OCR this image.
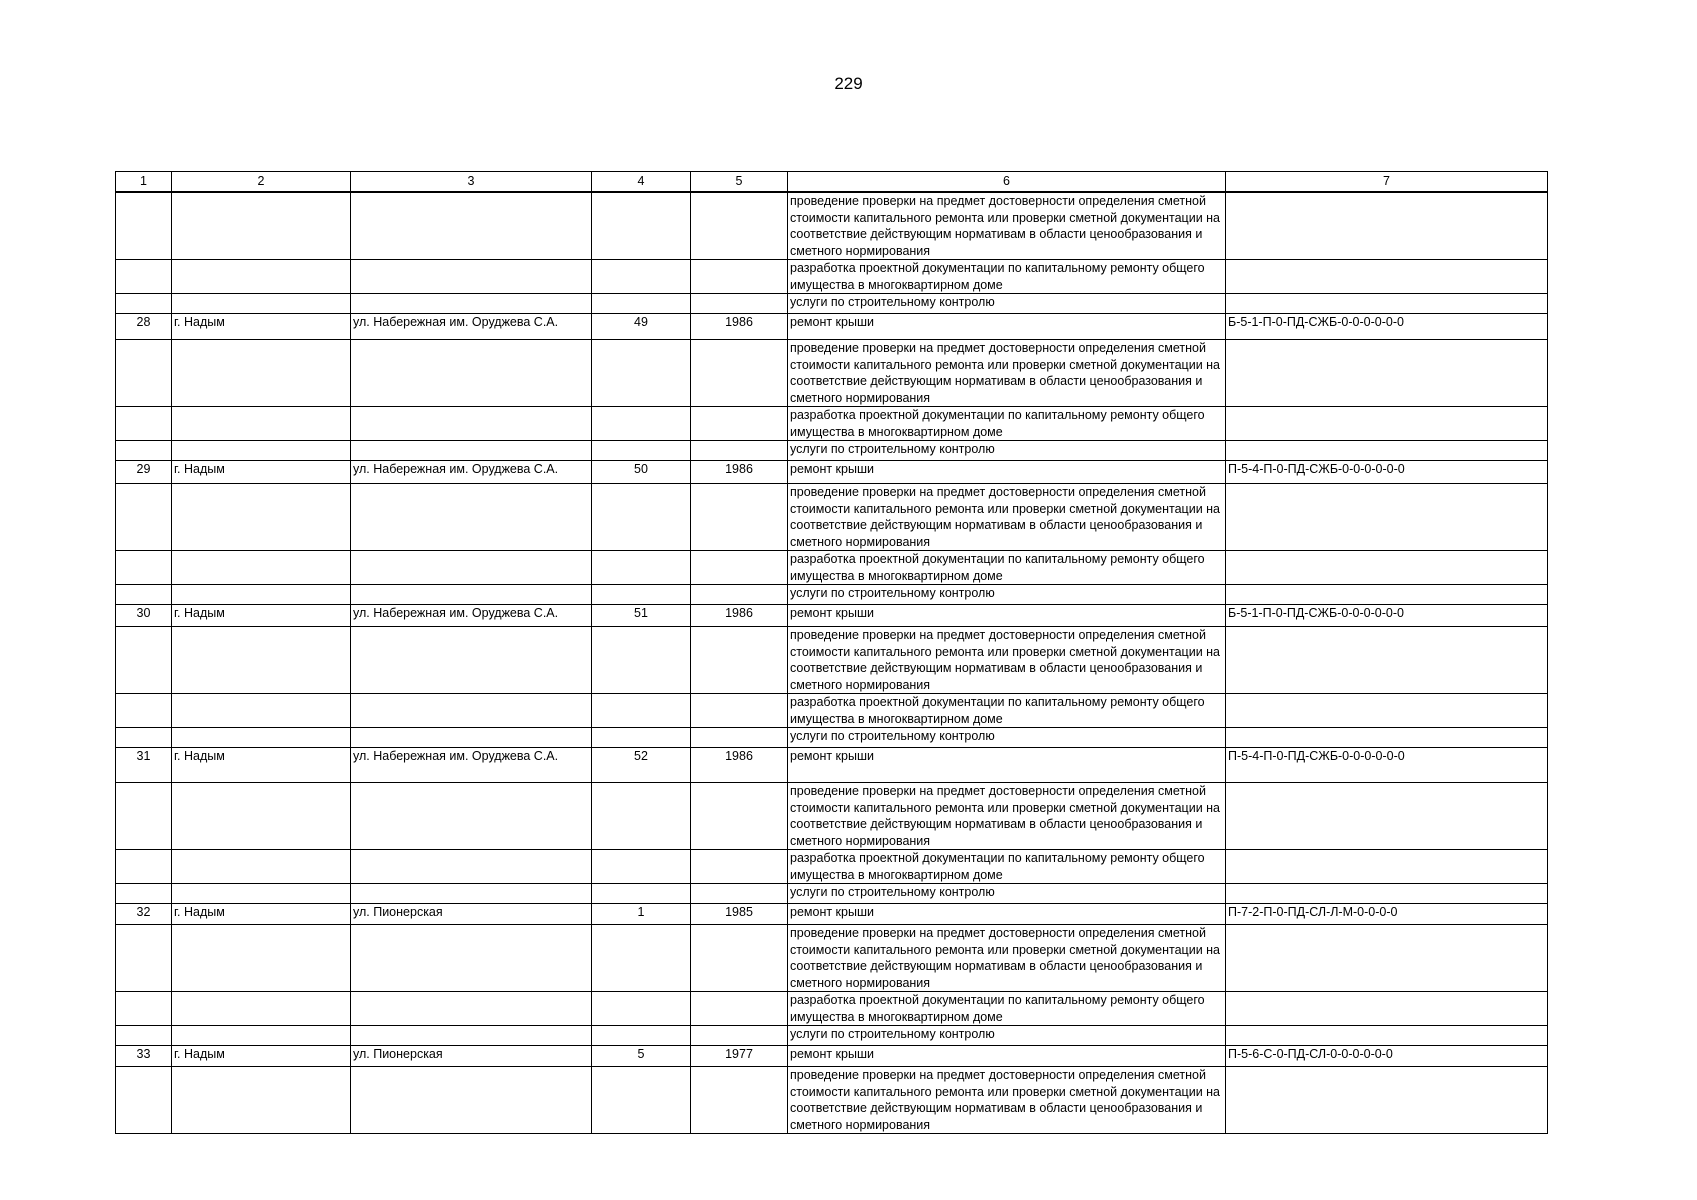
229
1	2	3	4	5	6	7
					проведение проверки на предмет достоверности определения сметной стоимости капитального ремонта или проверки сметной документации на соответствие действующим нормативам в области ценообразования и сметного нормирования	
					разработка проектной документации по капитальному ремонту общего имущества в многоквартирном доме	
					услуги по строительному контролю	
28	г. Надым	ул. Набережная им. Оруджева С.А.	49	1986	ремонт крыши	Б-5-1-П-0-ПД-СЖБ-0-0-0-0-0-0
					проведение проверки на предмет достоверности определения сметной стоимости капитального ремонта или проверки сметной документации на соответствие действующим нормативам в области ценообразования и сметного нормирования	
					разработка проектной документации по капитальному ремонту общего имущества в многоквартирном доме	
					услуги по строительному контролю	
29	г. Надым	ул. Набережная им. Оруджева С.А.	50	1986	ремонт крыши	П-5-4-П-0-ПД-СЖБ-0-0-0-0-0-0
					проведение проверки на предмет достоверности определения сметной стоимости капитального ремонта или проверки сметной документации на соответствие действующим нормативам в области ценообразования и сметного нормирования	
					разработка проектной документации по капитальному ремонту общего имущества в многоквартирном доме	
					услуги по строительному контролю	
30	г. Надым	ул. Набережная им. Оруджева С.А.	51	1986	ремонт крыши	Б-5-1-П-0-ПД-СЖБ-0-0-0-0-0-0
					проведение проверки на предмет достоверности определения сметной стоимости капитального ремонта или проверки сметной документации на соответствие действующим нормативам в области ценообразования и сметного нормирования	
					разработка проектной документации по капитальному ремонту общего имущества в многоквартирном доме	
					услуги по строительному контролю	
31	г. Надым	ул. Набережная им. Оруджева С.А.	52	1986	ремонт крыши	П-5-4-П-0-ПД-СЖБ-0-0-0-0-0-0
					проведение проверки на предмет достоверности определения сметной стоимости капитального ремонта или проверки сметной документации на соответствие действующим нормативам в области ценообразования и сметного нормирования	
					разработка проектной документации по капитальному ремонту общего имущества в многоквартирном доме	
					услуги по строительному контролю	
32	г. Надым	ул. Пионерская	1	1985	ремонт крыши	П-7-2-П-0-ПД-СЛ-Л-М-0-0-0-0
					проведение проверки на предмет достоверности определения сметной стоимости капитального ремонта или проверки сметной документации на соответствие действующим нормативам в области ценообразования и сметного нормирования	
					разработка проектной документации по капитальному ремонту общего имущества в многоквартирном доме	
					услуги по строительному контролю	
33	г. Надым	ул. Пионерская	5	1977	ремонт крыши	П-5-6-С-0-ПД-СЛ-0-0-0-0-0-0
					проведение проверки на предмет достоверности определения сметной стоимости капитального ремонта или проверки сметной документации на соответствие действующим нормативам в области ценообразования и сметного нормирования	
